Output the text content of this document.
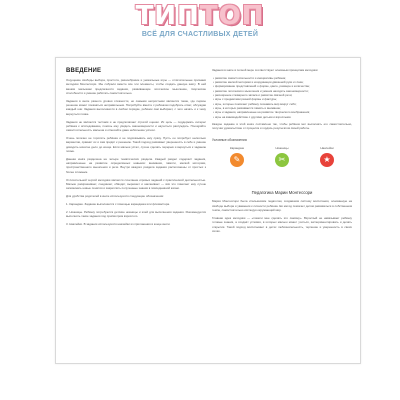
ТИПТОП
ВСЁ ДЛЯ СЧАСТЛИВЫХ ДЕТЕЙ
ВВЕДЕНИЕ
Ощущение свободы выбора, простота, разнообразие и уникальные игры — отличительные признаки методики Монтессори. Мы собрали вместе все эти элементы, чтобы создать данную книгу. В ней вашим малышам предлагаются задания, развивающие логическое мышление, творческие способности и умение работать самостоятельно.
Задания в книге разного уровня сложности, но самыми непростыми являются такие, где первое решение может показаться неправильным. Попробуйте вместе с ребёнком подобрать ответ, обсуждая каждый шаг. Задания выполняются в любом порядке, ребёнок сам выбирает, с чего начать и к чему вернуться позже.
Задания не являются тестами и не предполагают строгой оценки. Их цель — поддержать интерес ребёнка к исследованию, помочь ему увидеть закономерности и научиться рассуждать. Поощряйте самостоятельность малыша и отмечайте даже небольшие успехи.
Очень полезно не торопить ребёнка и не подсказывать ему сразу. Пусть он попробует несколько вариантов, сравнит их и сам придёт к решению. Такой подход развивает уверенность в себе и умение доводить начатое дело до конца. Если малыш устал, лучше сделать перерыв и вернуться к заданию позже.
Данная книга разделена на четыре тематических раздела. Каждый раздел содержит задания, направленные на развитие определённых навыков: внимания, памяти, мелкой моторики, пространственного мышления и речи. Внутри каждого раздела задания расположены от простых к более сложным.
Отличительной чертой методики является сочетание игровых заданий с практической деятельностью. Малыш раскрашивает, соединяет, обводит, вырезает и наклеивает — всё это помогает ему лучше запоминать новые понятия и закреплять полученные знания в повседневной жизни.
Для удобства родителей в книге используются следующие обозначения:
1. Карандаш. Задание выполняется с помощью карандаша или фломастера.
2. Ножницы. Ребёнку потребуются детские ножницы и клей для выполнения задания. Рекомендуется выполнять такие задания под присмотром взрослого.
3. Наклейки. В задании используются наклейки из приложения в конце книги.
Задания в книге в полной мере соответствуют основным принципам методики:
• развитие самостоятельности и инициативы ребёнка;
• развитие мелкой моторики и координации движений руки и глаза;
• формирование представлений о форме, цвете, размере и количестве;
• развитие логического мышления и умения находить закономерности;
• расширение словарного запаса и развитие связной речи;
• игры с предметами разной формы и фактуры;
• игры, которые помогают ребёнку познавать мир вокруг себя;
• игры, в которых развивается память и внимание;
• игры и задания, направленные на развитие творческого воображения;
• игры на взаимодействие с другими детьми и взрослыми.
Каждое задание в этой книге составлено так, чтобы ребёнок мог выполнять его самостоятельно, получая удовольствие от процесса и гордясь результатом своей работы.
Условные обозначения:
Карандаш
✎
Ножницы
✂
Наклейки
★
Педагогика Марии Монтессори
Мария Монтессори была итальянским педагогом, создавшим систему воспитания, основанную на свободе выбора и уважении к личности ребёнка. Её метод помогает детям развиваться в собственном темпе, самостоятельно исследуя окружающий мир.
Главная идея методики — «помоги мне сделать это самому». Взрослый не навязывает ребёнку готовые знания, а создаёт условия, в которых малыш может учиться, экспериментировать и делать открытия. Такой подход воспитывает в детях любознательность, терпение и уверенность в своих силах.
